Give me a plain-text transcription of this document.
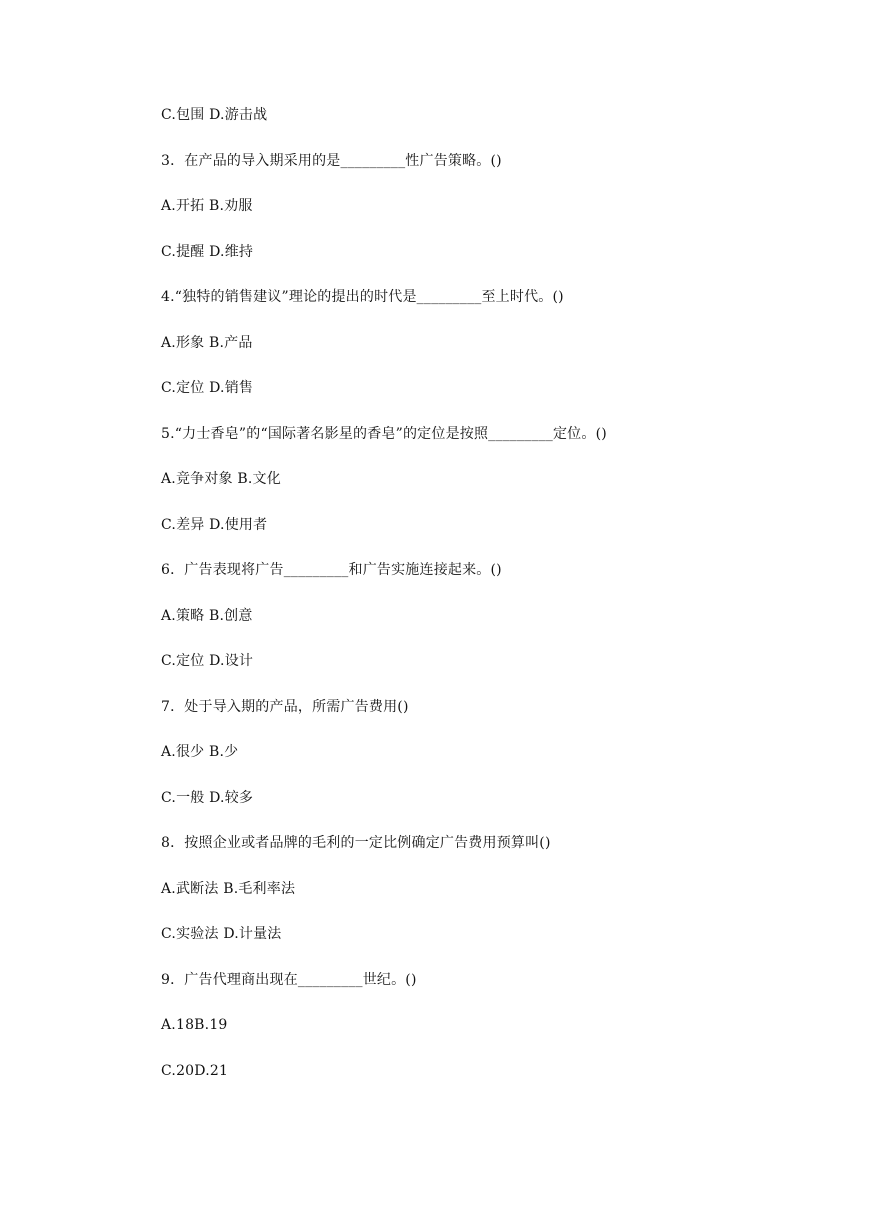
C.包围 D.游击战
3．在产品的导入期采用的是_________性广告策略。()
A.开拓 B.劝服
C.提醒 D.维持
4.“独特的销售建议”理论的提出的时代是_________至上时代。()
A.形象 B.产品
C.定位 D.销售
5.“力士香皂”的“国际著名影星的香皂”的定位是按照_________定位。()
A.竞争对象 B.文化
C.差异 D.使用者
6．广告表现将广告_________和广告实施连接起来。()
A.策略 B.创意
C.定位 D.设计
7．处于导入期的产品，所需广告费用()
A.很少 B.少
C.一般 D.较多
8．按照企业或者品牌的毛利的一定比例确定广告费用预算叫()
A.武断法 B.毛利率法
C.实验法 D.计量法
9．广告代理商出现在_________世纪。()
A.18B.19
C.20D.21
